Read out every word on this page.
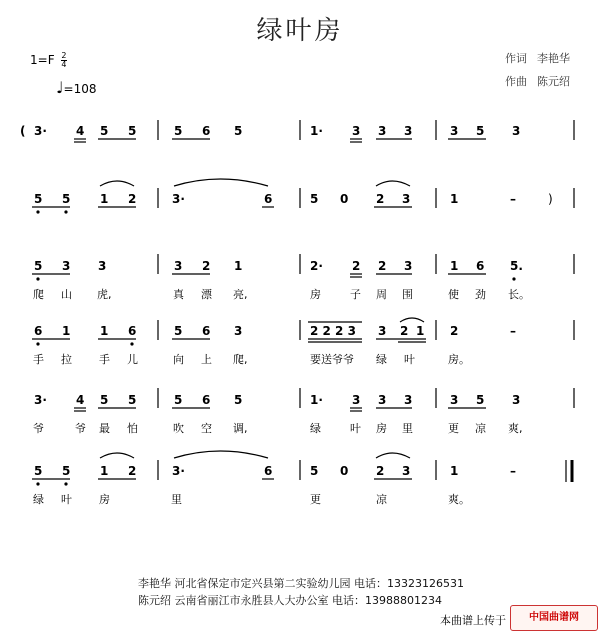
绿叶房
$1=F \frac{2}{4}$
♩=108
作词 李艳华
作曲 陈元绍
( 3· 4 5 5	5 6 5	1· 3 3 3	3 5 3
5 5 1 2	3·	6	5 0 2 3	1	–	)
5 3 3	3 2 1	2· 2 2 3	1 6 5.
6 1 1 6	5 6 3	2 2 2 3 3 2 1 2	–
3· 4 5 5	5 6 5	1· 3 3 3	3 5 3
5 5 1 2	3·	6	5 0 2 3	1	–
爬 山 虎,	真 漂 亮,	房	子 周 围	使 劲 长。
手 拉 手 儿	向 上 爬,	要送爷爷 绿 叶	房。
爷	爷 最 怕	吹 空 调,	绿	叶 房 里	更 凉 爽,
绿 叶 房	里	更	凉	爽。
李艳华 河北省保定市定兴县第二实验幼儿园 电话：13323126531
陈元绍 云南省丽江市永胜县人大办公室 电话：13988801234
本曲谱上传于	中国曲谱网
